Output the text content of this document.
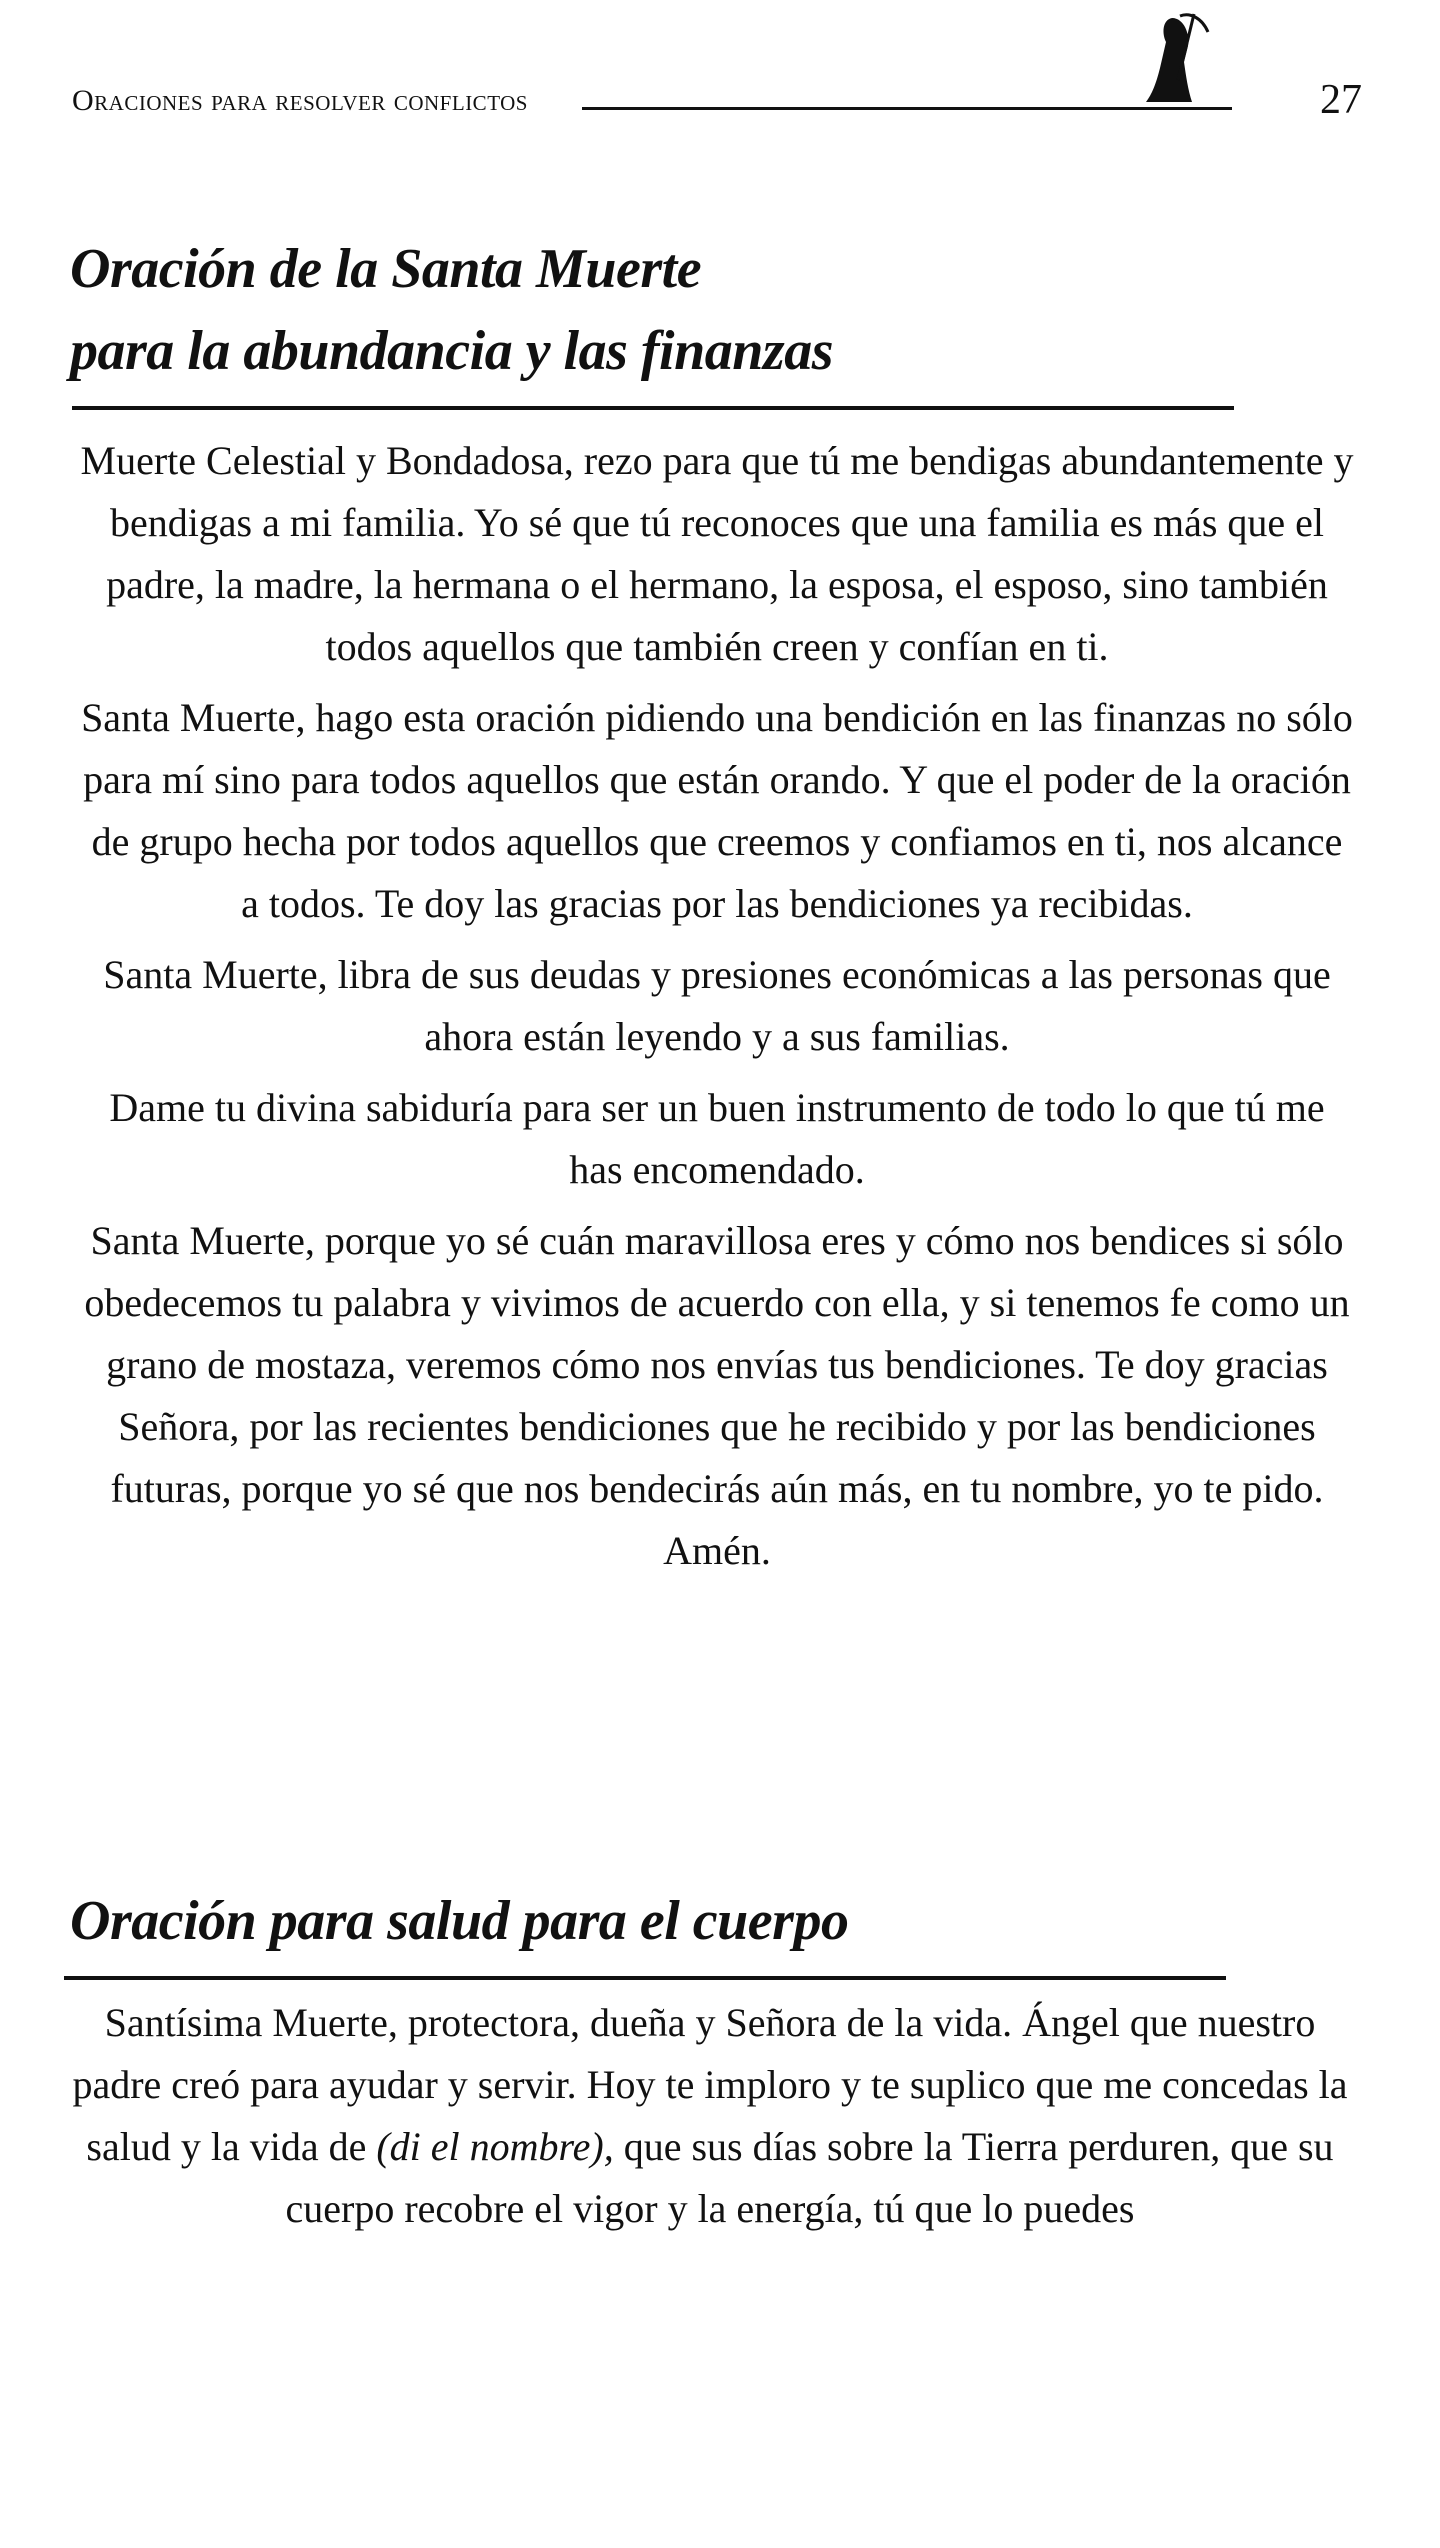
Oraciones para resolver conflictos	27
Oración de la Santa Muerte
para la abundancia y las finanzas

Muerte Celestial y Bondadosa, rezo para que tú me bendigas abundantemente y bendigas a mi familia. Yo sé que tú reconoces que una familia es más que el padre, la madre, la hermana o el hermano, la esposa, el esposo, sino también todos aquellos que también creen y confían en ti.

Santa Muerte, hago esta oración pidiendo una bendición en las finanzas no sólo para mí sino para todos aquellos que están orando. Y que el poder de la oración de grupo hecha por todos aquellos que creemos y confiamos en ti, nos alcance a todos. Te doy las gracias por las bendiciones ya recibidas.

Santa Muerte, libra de sus deudas y presiones económicas a las personas que ahora están leyendo y a sus familias.

Dame tu divina sabiduría para ser un buen instrumento de todo lo que tú me has encomendado.

Santa Muerte, porque yo sé cuán maravillosa eres y cómo nos bendices si sólo obedecemos tu palabra y vivimos de acuerdo con ella, y si tenemos fe como un grano de mostaza, veremos cómo nos envías tus bendiciones. Te doy gracias Señora, por las recientes bendiciones que he recibido y por las bendiciones futuras, porque yo sé que nos bendecirás aún más, en tu nombre, yo te pido. Amén.

Oración para salud para el cuerpo

Santísima Muerte, protectora, dueña y Señora de la vida. Ángel que nuestro padre creó para ayudar y servir. Hoy te imploro y te suplico que me concedas la salud y la vida de (di el nombre), que sus días sobre la Tierra perduren, que su cuerpo recobre el vigor y la energía, tú que lo puedes
